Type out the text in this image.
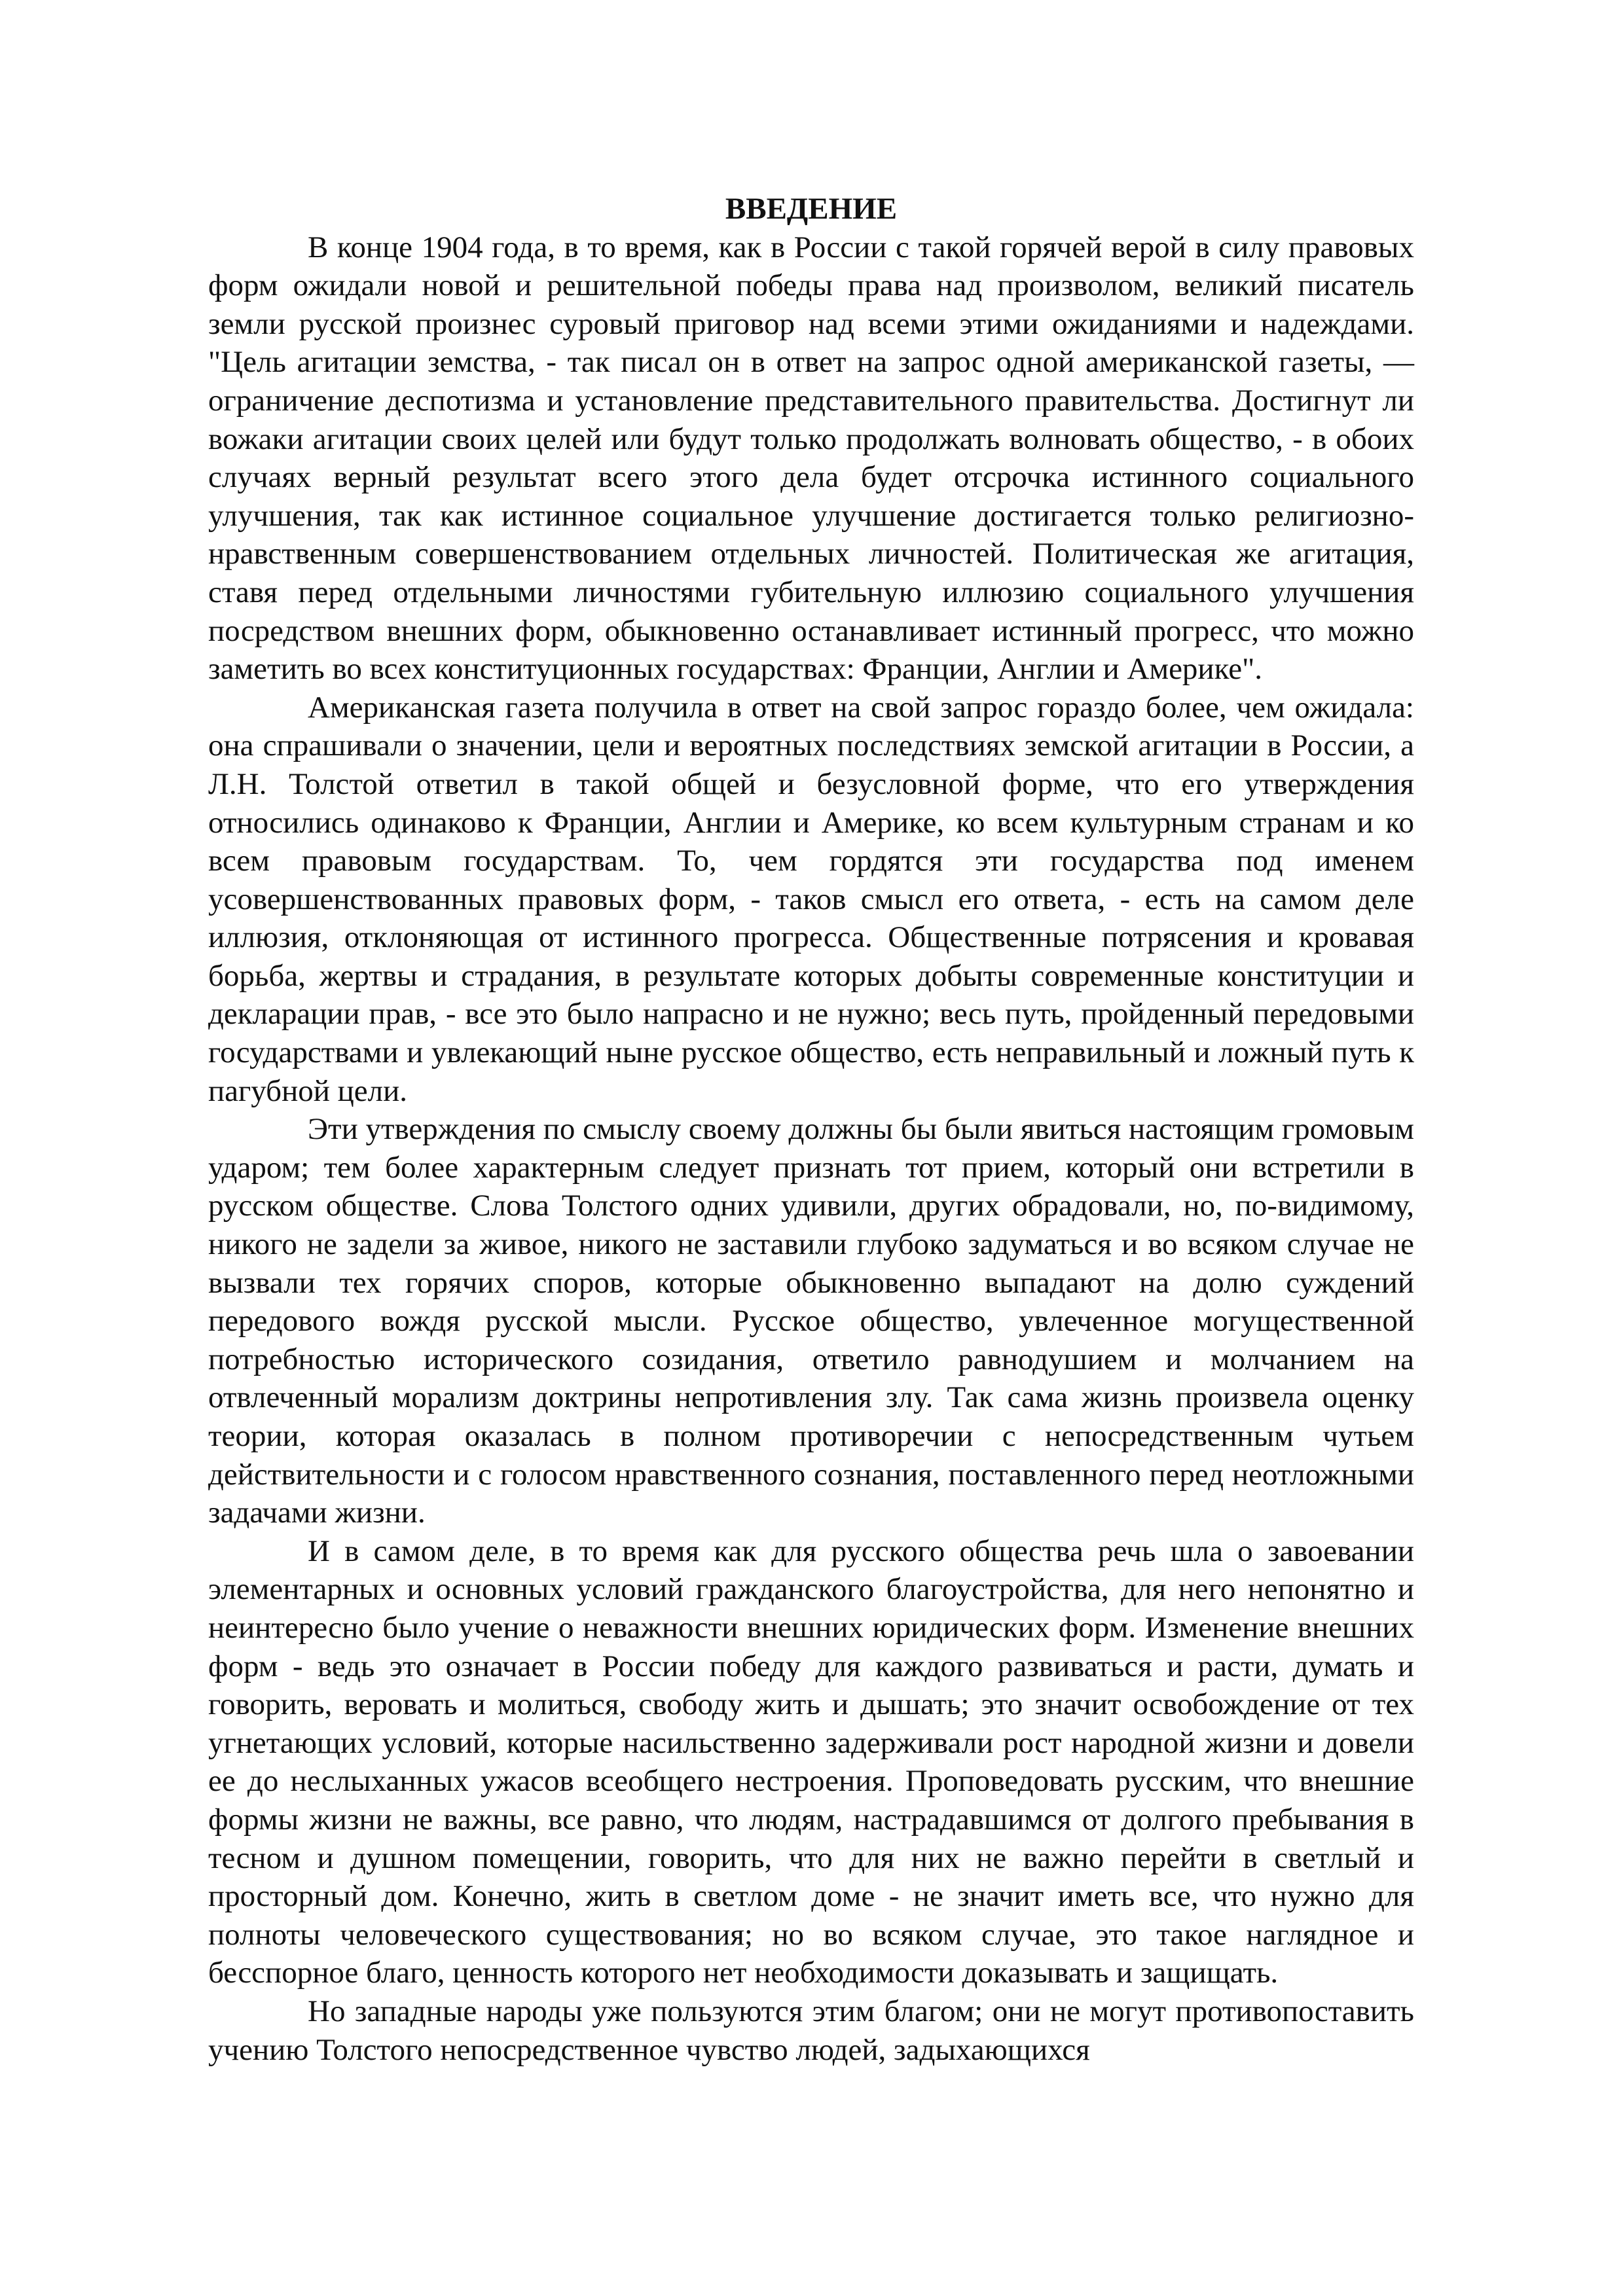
ВВЕДЕНИЕ

В конце 1904 года, в то время, как в России с такой горячей верой в силу правовых форм ожидали новой и решительной победы права над произволом, великий писатель земли русской произнес суровый приговор над всеми этими ожиданиями и надеждами. "Цель агитации земства, - так писал он в ответ на запрос одной американской газеты, — ограничение деспотизма и установление представительного правительства. Достигнут ли вожаки агитации своих целей или будут только продолжать волновать общество, - в обоих случаях верный результат всего этого дела будет отсрочка истинного социального улучшения, так как истинное социальное улучшение достигается только религиозно-нравственным совершенствованием отдельных личностей. Политическая же агитация, ставя перед отдельными личностями губительную иллюзию социального улучшения посредством внешних форм, обыкновенно останавливает истинный прогресс, что можно заметить во всех конституционных государствах: Франции, Англии и Америке".

Американская газета получила в ответ на свой запрос гораздо более, чем ожидала: она спрашивали о значении, цели и вероятных последствиях земской агитации в России, а Л.Н. Толстой ответил в такой общей и безусловной форме, что его утверждения относились одинаково к Франции, Англии и Америке, ко всем культурным странам и ко всем правовым государствам. То, чем гордятся эти государства под именем усовершенствованных правовых форм, - таков смысл его ответа, - есть на самом деле иллюзия, отклоняющая от истинного прогресса. Общественные потрясения и кровавая борьба, жертвы и страдания, в результате которых добыты современные конституции и декларации прав, - все это было напрасно и не нужно; весь путь, пройденный передовыми государствами и увлекающий ныне русское общество, есть неправильный и ложный путь к пагубной цели.

Эти утверждения по смыслу своему должны бы были явиться настоящим громовым ударом; тем более характерным следует признать тот прием, который они встретили в русском обществе. Слова Толстого одних удивили, других обрадовали, но, по-видимому, никого не задели за живое, никого не заставили глубоко задуматься и во всяком случае не вызвали тех горячих споров, которые обыкновенно выпадают на долю суждений передового вождя русской мысли. Русское общество, увлеченное могущественной потребностью исторического созидания, ответило равнодушием и молчанием на отвлеченный морализм доктрины непротивления злу. Так сама жизнь произвела оценку теории, которая оказалась в полном противоречии с непосредственным чутьем действительности и с голосом нравственного сознания, поставленного перед неотложными задачами жизни.

И в самом деле, в то время как для русского общества речь шла о завоевании элементарных и основных условий гражданского благоустройства, для него непонятно и неинтересно было учение о неважности внешних юридических форм. Изменение внешних форм - ведь это означает в России победу для каждого развиваться и расти, думать и говорить, веровать и молиться, свободу жить и дышать; это значит освобождение от тех угнетающих условий, которые насильственно задерживали рост народной жизни и довели ее до неслыханных ужасов всеобщего нестроения. Проповедовать русским, что внешние формы жизни не важны, все равно, что людям, настрадавшимся от долгого пребывания в тесном и душном помещении, говорить, что для них не важно перейти в светлый и просторный дом. Конечно, жить в светлом доме - не значит иметь все, что нужно для полноты человеческого существования; но во всяком случае, это такое наглядное и бесспорное благо, ценность которого нет необходимости доказывать и защищать.

Но западные народы уже пользуются этим благом; они не могут противопоставить учению Толстого непосредственное чувство людей, задыхающихся
